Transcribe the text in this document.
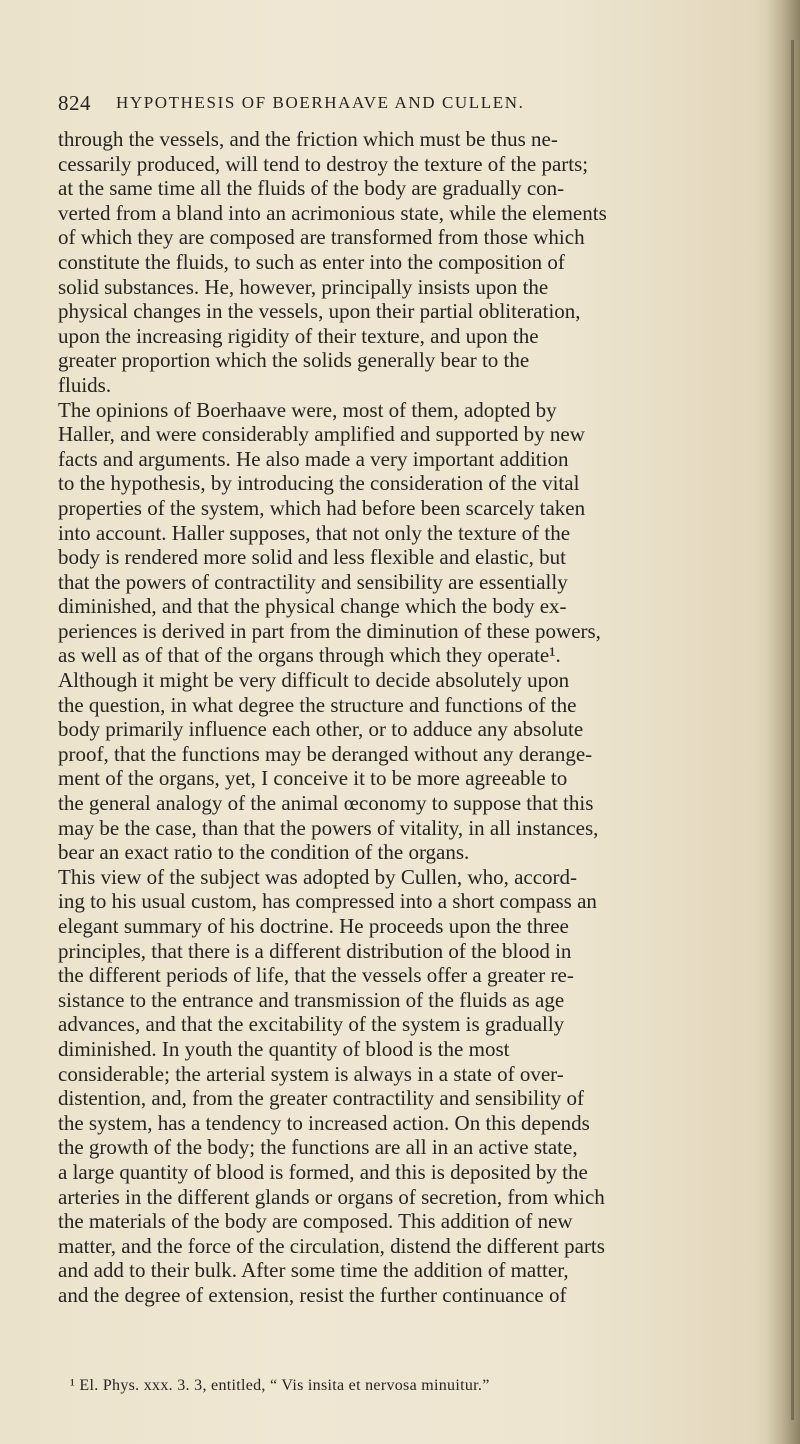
824 HYPOTHESIS OF BOERHAAVE AND CULLEN.
through the vessels, and the friction which must be thus ne-
cessarily produced, will tend to destroy the texture of the parts;
at the same time all the fluids of the body are gradually con-
verted from a bland into an acrimonious state, while the elements
of which they are composed are transformed from those which
constitute the fluids, to such as enter into the composition of
solid substances. He, however, principally insists upon the
physical changes in the vessels, upon their partial obliteration,
upon the increasing rigidity of their texture, and upon the
greater proportion which the solids generally bear to the
fluids.
The opinions of Boerhaave were, most of them, adopted by
Haller, and were considerably amplified and supported by new
facts and arguments. He also made a very important addition
to the hypothesis, by introducing the consideration of the vital
properties of the system, which had before been scarcely taken
into account. Haller supposes, that not only the texture of the
body is rendered more solid and less flexible and elastic, but
that the powers of contractility and sensibility are essentially
diminished, and that the physical change which the body ex-
periences is derived in part from the diminution of these powers,
as well as of that of the organs through which they operate¹.
Although it might be very difficult to decide absolutely upon
the question, in what degree the structure and functions of the
body primarily influence each other, or to adduce any absolute
proof, that the functions may be deranged without any derange-
ment of the organs, yet, I conceive it to be more agreeable to
the general analogy of the animal œconomy to suppose that this
may be the case, than that the powers of vitality, in all instances,
bear an exact ratio to the condition of the organs.
This view of the subject was adopted by Cullen, who, accord-
ing to his usual custom, has compressed into a short compass an
elegant summary of his doctrine. He proceeds upon the three
principles, that there is a different distribution of the blood in
the different periods of life, that the vessels offer a greater re-
sistance to the entrance and transmission of the fluids as age
advances, and that the excitability of the system is gradually
diminished. In youth the quantity of blood is the most
considerable; the arterial system is always in a state of over-
distention, and, from the greater contractility and sensibility of
the system, has a tendency to increased action. On this depends
the growth of the body; the functions are all in an active state,
a large quantity of blood is formed, and this is deposited by the
arteries in the different glands or organs of secretion, from which
the materials of the body are composed. This addition of new
matter, and the force of the circulation, distend the different parts
and add to their bulk. After some time the addition of matter,
and the degree of extension, resist the further continuance of
¹ El. Phys. xxx. 3. 3, entitled, “ Vis insita et nervosa minuitur.”
